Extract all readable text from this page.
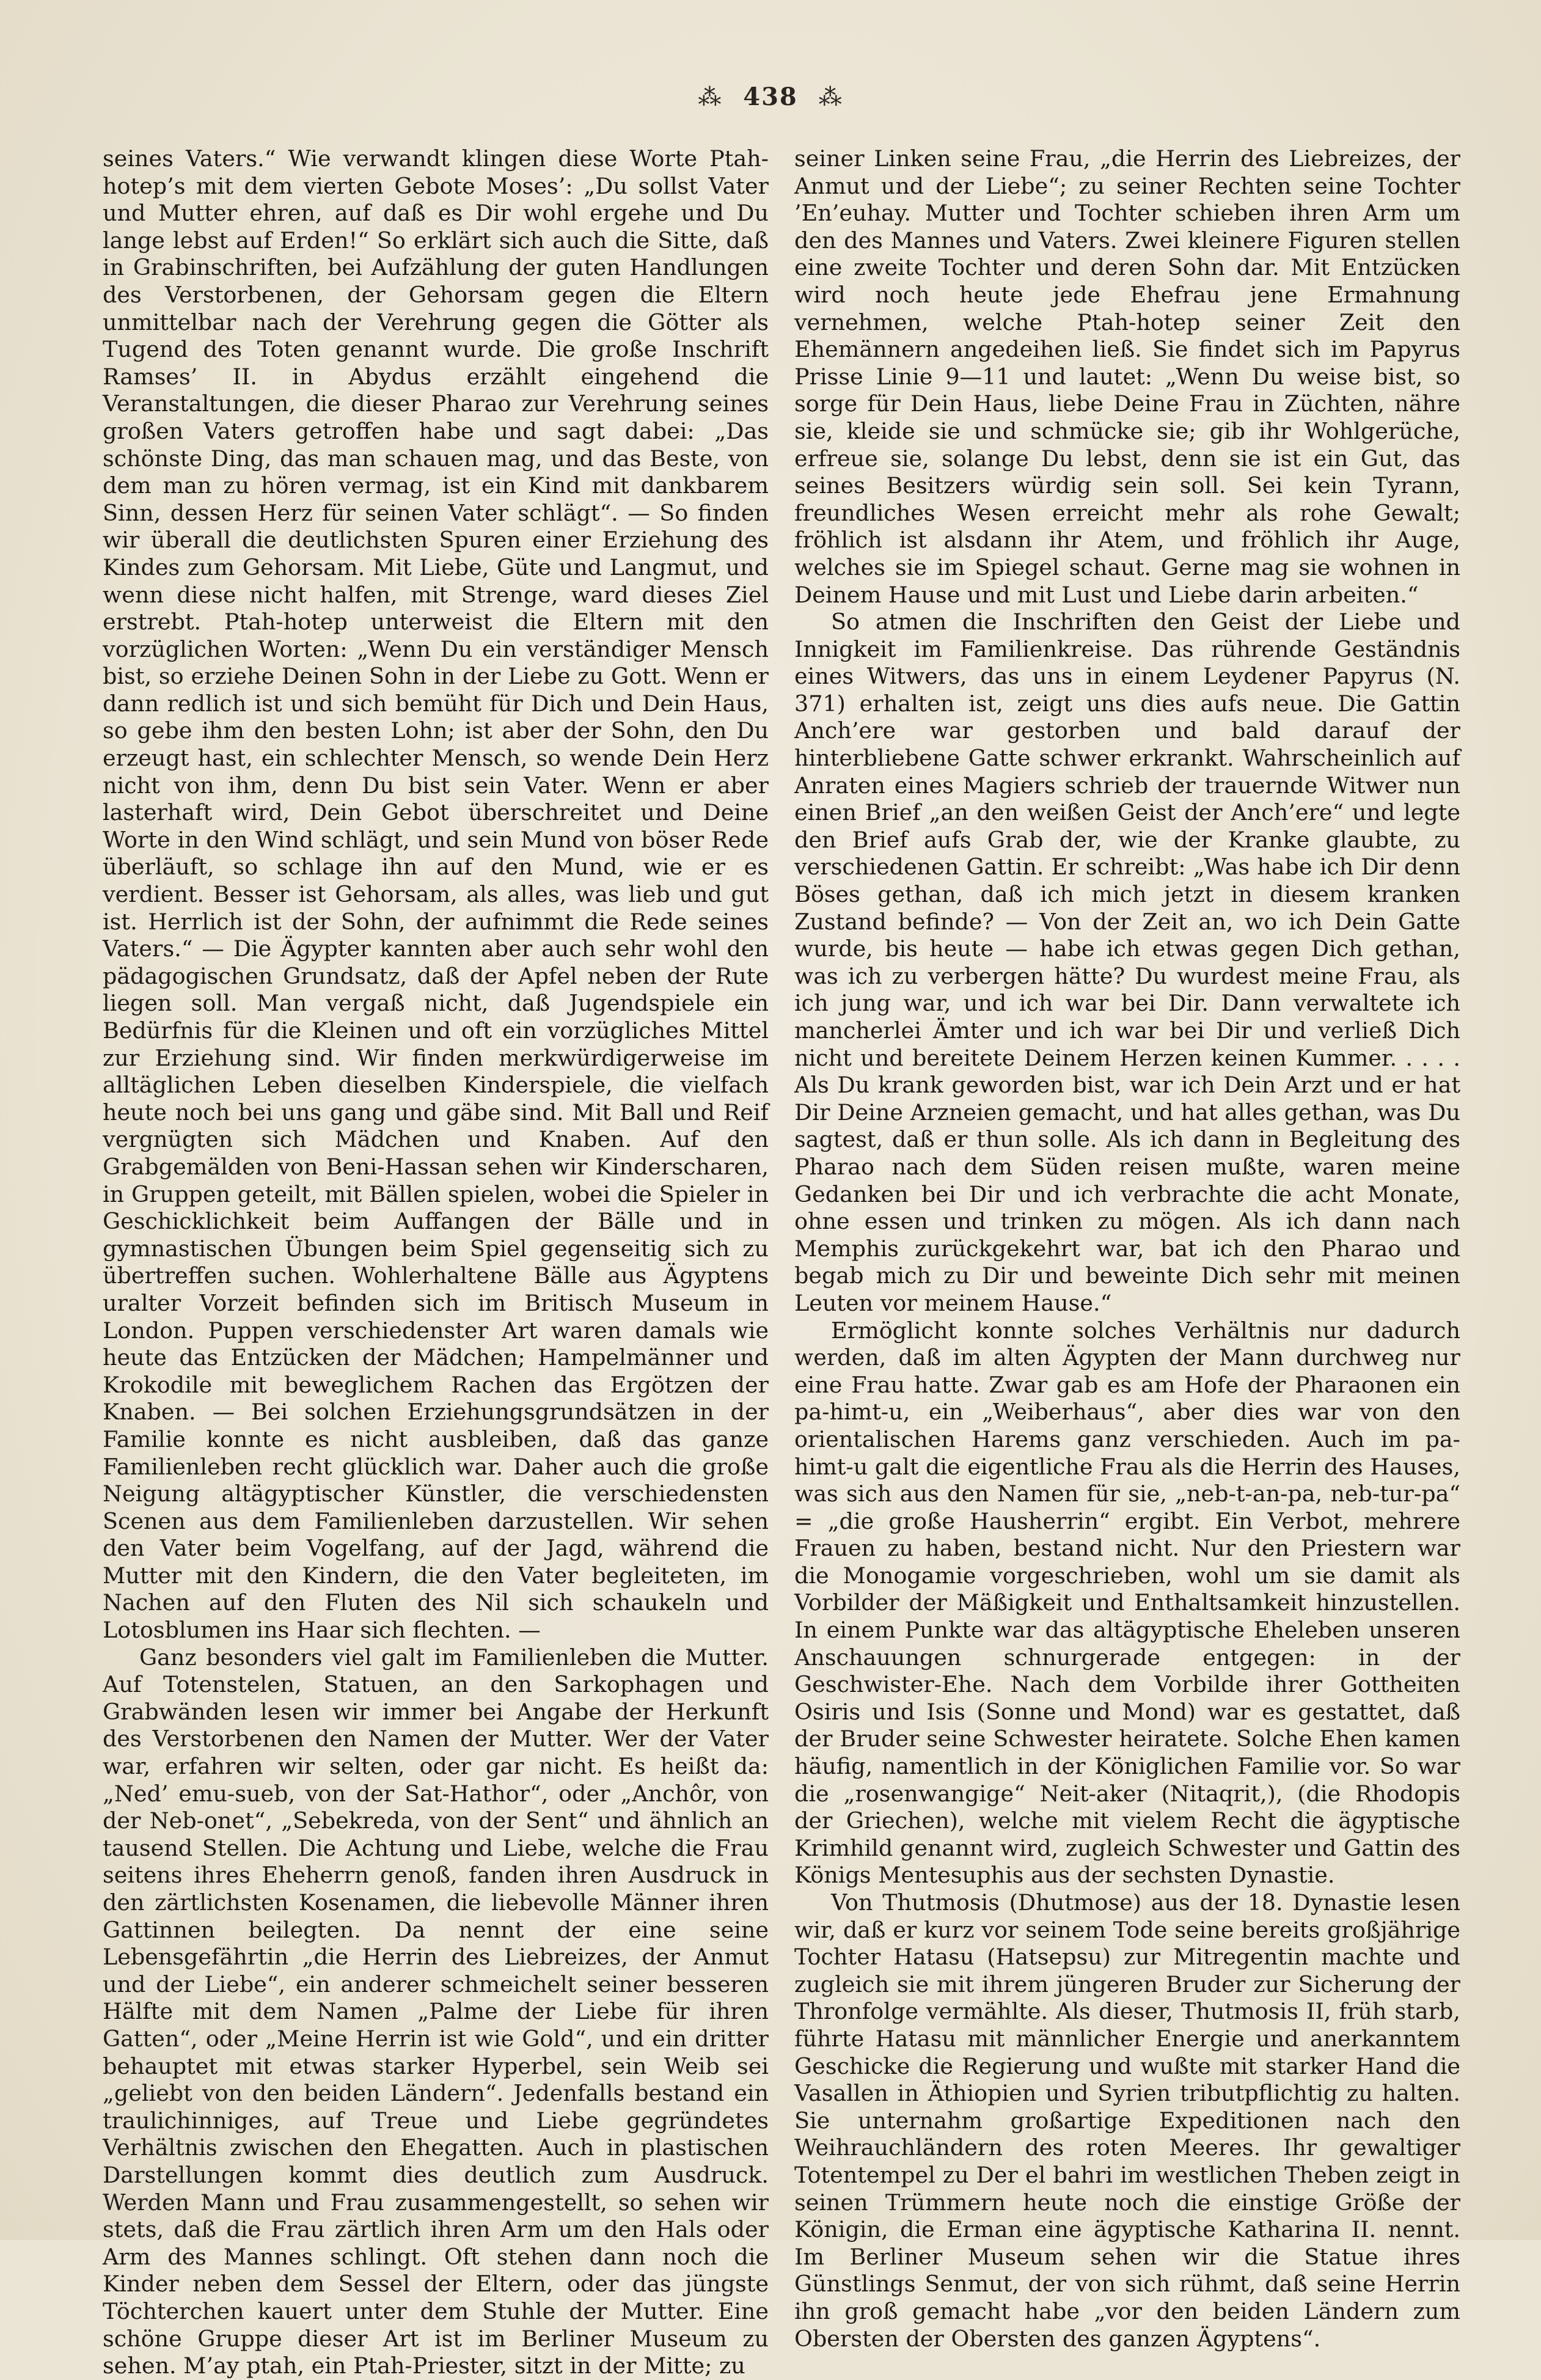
⁂ 438 ⁂

seines Vaters.“ Wie verwandt klingen diese Worte Ptah-hotep’s mit dem vierten Gebote Moses’: „Du sollst Vater und Mutter ehren, auf daß es Dir wohl ergehe und Du lange lebst auf Erden!“ So erklärt sich auch die Sitte, daß in Grabinschriften, bei Aufzählung der guten Handlungen des Verstorbenen, der Gehorsam gegen die Eltern unmittelbar nach der Verehrung gegen die Götter als Tugend des Toten genannt wurde. Die große Inschrift Ramses’ II. in Abydus erzählt eingehend die Veranstaltungen, die dieser Pharao zur Verehrung seines großen Vaters getroffen habe und sagt dabei: „Das schönste Ding, das man schauen mag, und das Beste, von dem man zu hören vermag, ist ein Kind mit dankbarem Sinn, dessen Herz für seinen Vater schlägt“. — So finden wir überall die deutlichsten Spuren einer Erziehung des Kindes zum Gehorsam. Mit Liebe, Güte und Langmut, und wenn diese nicht halfen, mit Strenge, ward dieses Ziel erstrebt. Ptah-hotep unterweist die Eltern mit den vorzüglichen Worten: „Wenn Du ein verständiger Mensch bist, so erziehe Deinen Sohn in der Liebe zu Gott. Wenn er dann redlich ist und sich bemüht für Dich und Dein Haus, so gebe ihm den besten Lohn; ist aber der Sohn, den Du erzeugt hast, ein schlechter Mensch, so wende Dein Herz nicht von ihm, denn Du bist sein Vater. Wenn er aber lasterhaft wird, Dein Gebot überschreitet und Deine Worte in den Wind schlägt, und sein Mund von böser Rede überläuft, so schlage ihn auf den Mund, wie er es verdient. Besser ist Gehorsam, als alles, was lieb und gut ist. Herrlich ist der Sohn, der aufnimmt die Rede seines Vaters.“ — Die Ägypter kannten aber auch sehr wohl den pädagogischen Grundsatz, daß der Apfel neben der Rute liegen soll. Man vergaß nicht, daß Jugendspiele ein Bedürfnis für die Kleinen und oft ein vorzügliches Mittel zur Erziehung sind. Wir finden merkwürdigerweise im alltäglichen Leben dieselben Kinderspiele, die vielfach heute noch bei uns gang und gäbe sind. Mit Ball und Reif vergnügten sich Mädchen und Knaben. Auf den Grabgemälden von Beni-Hassan sehen wir Kinderscharen, in Gruppen geteilt, mit Bällen spielen, wobei die Spieler in Geschicklichkeit beim Auffangen der Bälle und in gymnastischen Übungen beim Spiel gegenseitig sich zu übertreffen suchen. Wohlerhaltene Bälle aus Ägyptens uralter Vorzeit befinden sich im Britisch Museum in London. Puppen verschiedenster Art waren damals wie heute das Entzücken der Mädchen; Hampelmänner und Krokodile mit beweglichem Rachen das Ergötzen der Knaben. — Bei solchen Erziehungsgrundsätzen in der Familie konnte es nicht ausbleiben, daß das ganze Familienleben recht glücklich war. Daher auch die große Neigung altägyptischer Künstler, die verschiedensten Scenen aus dem Familienleben darzustellen. Wir sehen den Vater beim Vogelfang, auf der Jagd, während die Mutter mit den Kindern, die den Vater begleiteten, im Nachen auf den Fluten des Nil sich schaukeln und Lotosblumen ins Haar sich flechten. —

Ganz besonders viel galt im Familienleben die Mutter. Auf Totenstelen, Statuen, an den Sarkophagen und Grabwänden lesen wir immer bei Angabe der Herkunft des Verstorbenen den Namen der Mutter. Wer der Vater war, erfahren wir selten, oder gar nicht. Es heißt da: „Ned’ emu-sueb, von der Sat-Hathor“, oder „Anchôr, von der Neb-onet“, „Sebekreda, von der Sent“ und ähnlich an tausend Stellen. Die Achtung und Liebe, welche die Frau seitens ihres Eheherrn genoß, fanden ihren Ausdruck in den zärtlichsten Kosenamen, die liebevolle Männer ihren Gattinnen beilegten. Da nennt der eine seine Lebensgefährtin „die Herrin des Liebreizes, der Anmut und der Liebe“, ein anderer schmeichelt seiner besseren Hälfte mit dem Namen „Palme der Liebe für ihren Gatten“, oder „Meine Herrin ist wie Gold“, und ein dritter behauptet mit etwas starker Hyperbel, sein Weib sei „geliebt von den beiden Ländern“. Jedenfalls bestand ein traulichinniges, auf Treue und Liebe gegründetes Verhältnis zwischen den Ehegatten. Auch in plastischen Darstellungen kommt dies deutlich zum Ausdruck. Werden Mann und Frau zusammengestellt, so sehen wir stets, daß die Frau zärtlich ihren Arm um den Hals oder Arm des Mannes schlingt. Oft stehen dann noch die Kinder neben dem Sessel der Eltern, oder das jüngste Töchterchen kauert unter dem Stuhle der Mutter. Eine schöne Gruppe dieser Art ist im Berliner Museum zu sehen. M’ay ptah, ein Ptah-Priester, sitzt in der Mitte; zu

seiner Linken seine Frau, „die Herrin des Liebreizes, der Anmut und der Liebe“; zu seiner Rechten seine Tochter ’En’euhay. Mutter und Tochter schieben ihren Arm um den des Mannes und Vaters. Zwei kleinere Figuren stellen eine zweite Tochter und deren Sohn dar. Mit Entzücken wird noch heute jede Ehefrau jene Ermahnung vernehmen, welche Ptah-hotep seiner Zeit den Ehemännern angedeihen ließ. Sie findet sich im Papyrus Prisse Linie 9—11 und lautet: „Wenn Du weise bist, so sorge für Dein Haus, liebe Deine Frau in Züchten, nähre sie, kleide sie und schmücke sie; gib ihr Wohlgerüche, erfreue sie, solange Du lebst, denn sie ist ein Gut, das seines Besitzers würdig sein soll. Sei kein Tyrann, freundliches Wesen erreicht mehr als rohe Gewalt; fröhlich ist alsdann ihr Atem, und fröhlich ihr Auge, welches sie im Spiegel schaut. Gerne mag sie wohnen in Deinem Hause und mit Lust und Liebe darin arbeiten.“

So atmen die Inschriften den Geist der Liebe und Innigkeit im Familienkreise. Das rührende Geständnis eines Witwers, das uns in einem Leydener Papyrus (N. 371) erhalten ist, zeigt uns dies aufs neue. Die Gattin Anch’ere war gestorben und bald darauf der hinterbliebene Gatte schwer erkrankt. Wahrscheinlich auf Anraten eines Magiers schrieb der trauernde Witwer nun einen Brief „an den weißen Geist der Anch’ere“ und legte den Brief aufs Grab der, wie der Kranke glaubte, zu verschiedenen Gattin. Er schreibt: „Was habe ich Dir denn Böses gethan, daß ich mich jetzt in diesem kranken Zustand befinde? — Von der Zeit an, wo ich Dein Gatte wurde, bis heute — habe ich etwas gegen Dich gethan, was ich zu verbergen hätte? Du wurdest meine Frau, als ich jung war, und ich war bei Dir. Dann verwaltete ich mancherlei Ämter und ich war bei Dir und verließ Dich nicht und bereitete Deinem Herzen keinen Kummer. . . . . Als Du krank geworden bist, war ich Dein Arzt und er hat Dir Deine Arzneien gemacht, und hat alles gethan, was Du sagtest, daß er thun solle. Als ich dann in Begleitung des Pharao nach dem Süden reisen mußte, waren meine Gedanken bei Dir und ich verbrachte die acht Monate, ohne essen und trinken zu mögen. Als ich dann nach Memphis zurückgekehrt war, bat ich den Pharao und begab mich zu Dir und beweinte Dich sehr mit meinen Leuten vor meinem Hause.“

Ermöglicht konnte solches Verhältnis nur dadurch werden, daß im alten Ägypten der Mann durchweg nur eine Frau hatte. Zwar gab es am Hofe der Pharaonen ein pa-himt-u, ein „Weiberhaus“, aber dies war von den orientalischen Harems ganz verschieden. Auch im pa-himt-u galt die eigentliche Frau als die Herrin des Hauses, was sich aus den Namen für sie, „neb-t-an-pa, neb-tur-pa“ = „die große Hausherrin“ ergibt. Ein Verbot, mehrere Frauen zu haben, bestand nicht. Nur den Priestern war die Monogamie vorgeschrieben, wohl um sie damit als Vorbilder der Mäßigkeit und Enthaltsamkeit hinzustellen. In einem Punkte war das altägyptische Eheleben unseren Anschauungen schnurgerade entgegen: in der Geschwister-Ehe. Nach dem Vorbilde ihrer Gottheiten Osiris und Isis (Sonne und Mond) war es gestattet, daß der Bruder seine Schwester heiratete. Solche Ehen kamen häufig, namentlich in der Königlichen Familie vor. So war die „rosenwangige“ Neit-aker (Nitaqrit,), (die Rhodopis der Griechen), welche mit vielem Recht die ägyptische Krimhild genannt wird, zugleich Schwester und Gattin des Königs Mentesuphis aus der sechsten Dynastie.

Von Thutmosis (Dhutmose) aus der 18. Dynastie lesen wir, daß er kurz vor seinem Tode seine bereits großjährige Tochter Hatasu (Hatsepsu) zur Mitregentin machte und zugleich sie mit ihrem jüngeren Bruder zur Sicherung der Thronfolge vermählte. Als dieser, Thutmosis II, früh starb, führte Hatasu mit männlicher Energie und anerkanntem Geschicke die Regierung und wußte mit starker Hand die Vasallen in Äthiopien und Syrien tributpflichtig zu halten. Sie unternahm großartige Expeditionen nach den Weihrauchländern des roten Meeres. Ihr gewaltiger Totentempel zu Der el bahri im westlichen Theben zeigt in seinen Trümmern heute noch die einstige Größe der Königin, die Erman eine ägyptische Katharina II. nennt. Im Berliner Museum sehen wir die Statue ihres Günstlings Senmut, der von sich rühmt, daß seine Herrin ihn groß gemacht habe „vor den beiden Ländern zum Obersten der Obersten des ganzen Ägyptens“.
